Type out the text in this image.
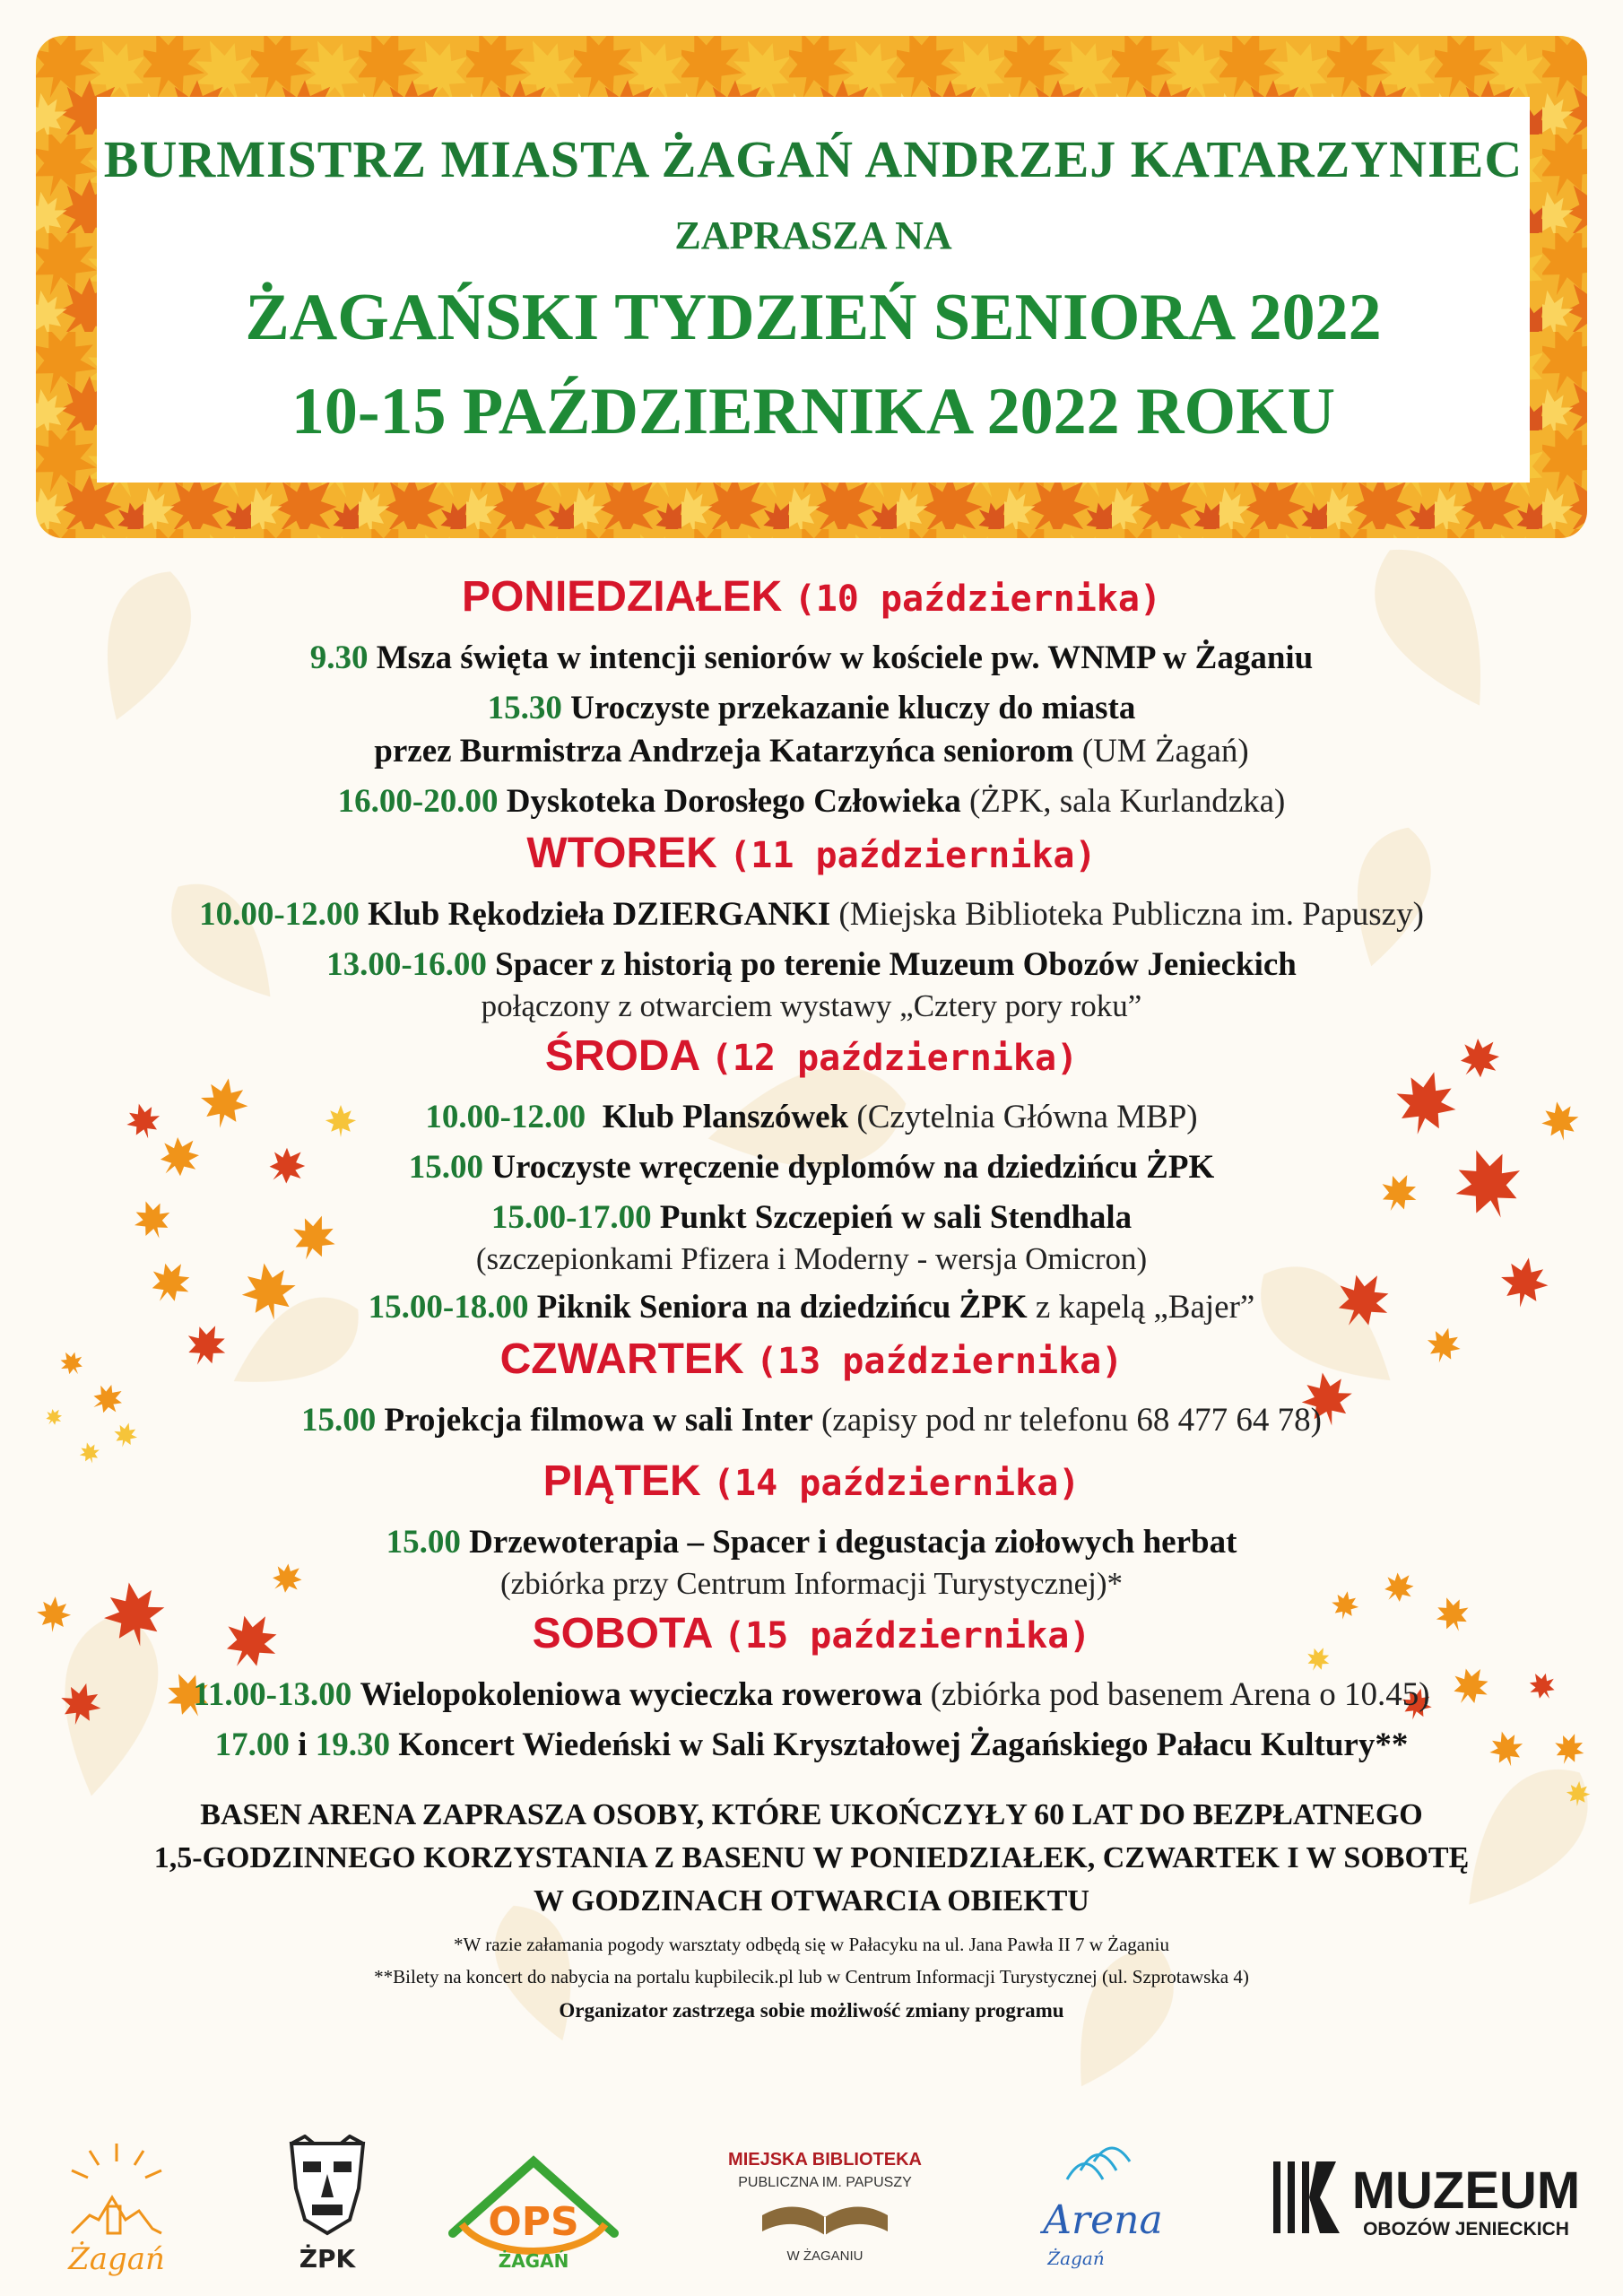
BURMISTRZ MIASTA ŻAGAŃ ANDRZEJ KATARZYNIEC
ZAPRASZA NA
ŻAGAŃSKI TYDZIEŃ SENIORA 2022
10-15 PAŹDZIERNIKA 2022 ROKU
PONIEDZIAŁEK (10 października)
9.30 Msza święta w intencji seniorów w kościele pw. WNMP w Żaganiu
15.30 Uroczyste przekazanie kluczy do miasta
przez Burmistrza Andrzeja Katarzyńca seniorom (UM Żagań)
16.00-20.00 Dyskoteka Dorosłego Człowieka (ŻPK, sala Kurlandzka)
WTOREK (11 października)
10.00-12.00 Klub Rękodzieła DZIERGANKI (Miejska Biblioteka Publiczna im. Papuszy)
13.00-16.00 Spacer z historią po terenie Muzeum Obozów Jenieckich
połączony z otwarciem wystawy „Cztery pory roku”
ŚRODA (12 października)
10.00-12.00 Klub Planszówek (Czytelnia Główna MBP)
15.00 Uroczyste wręczenie dyplomów na dziedzińcu ŻPK
15.00-17.00 Punkt Szczepień w sali Stendhala
(szczepionkami Pfizera i Moderny - wersja Omicron)
15.00-18.00 Piknik Seniora na dziedzińcu ŻPK z kapelą „Bajer”
CZWARTEK (13 października)
15.00 Projekcja filmowa w sali Inter (zapisy pod nr telefonu 68 477 64 78)
PIĄTEK (14 października)
15.00 Drzewoterapia – Spacer i degustacja ziołowych herbat
(zbiórka przy Centrum Informacji Turystycznej)*
SOBOTA (15 października)
11.00-13.00 Wielopokoleniowa wycieczka rowerowa (zbiórka pod basenem Arena o 10.45)
17.00 i 19.30 Koncert Wiedeński w Sali Kryształowej Żagańskiego Pałacu Kultury**
BASEN ARENA ZAPRASZA OSOBY, KTÓRE UKOŃCZYŁY 60 LAT DO BEZPŁATNEGO
1,5-GODZINNEGO KORZYSTANIA Z BASENU W PONIEDZIAŁEK, CZWARTEK I W SOBOTĘ
W GODZINACH OTWARCIA OBIEKTU
*W razie załamania pogody warsztaty odbędą się w Pałacyku na ul. Jana Pawła II 7 w Żaganiu
**Bilety na koncert do nabycia na portalu kupbilecik.pl lub w Centrum Informacji Turystycznej (ul. Szprotawska 4)
Organizator zastrzega sobie możliwość zmiany programu
Żagań	ŻPK
OPS
ŻAGAŃ
MIEJSKA BIBLIOTEKA
PUBLICZNA IM. PAPUSZY
W ŻAGANIU
Arena
Żagań
MUZEUM
OBOZÓW JENIECKICH
